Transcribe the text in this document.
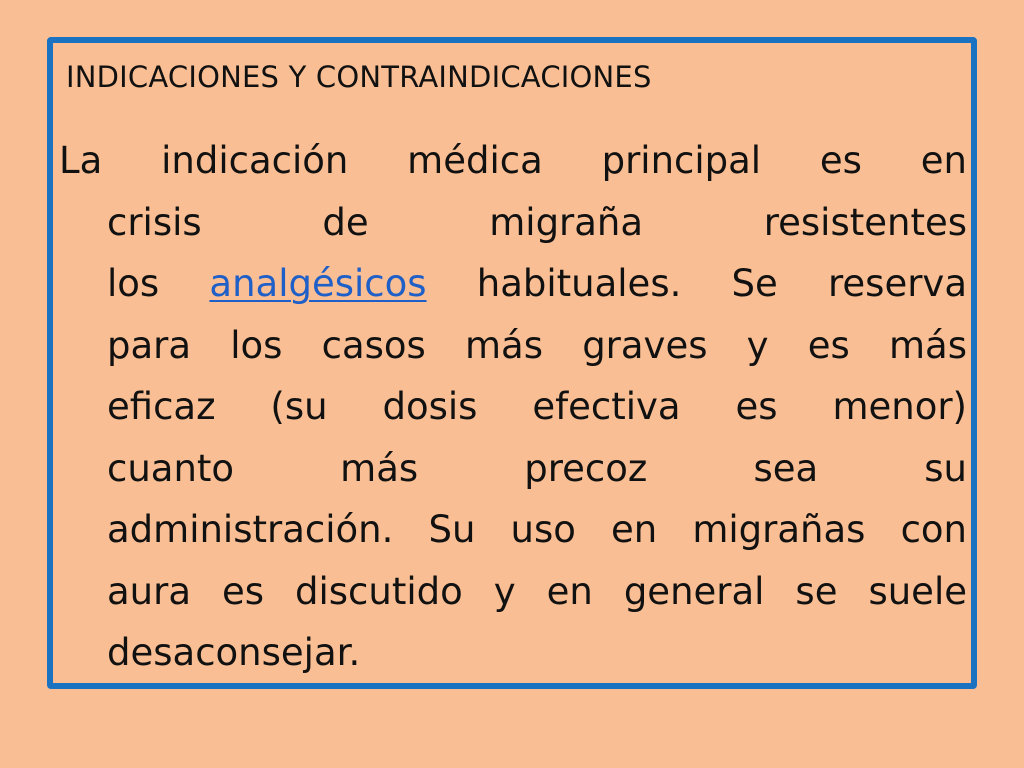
INDICACIONES Y CONTRAINDICACIONES
La indicación médica principal es en
crisis de migraña resistentes
los analgésicos habituales. Se reserva
para los casos más graves y es más
eficaz (su dosis efectiva es menor)
cuanto más precoz sea su
administración. Su uso en migrañas con
aura es discutido y en general se suele
desaconsejar.
